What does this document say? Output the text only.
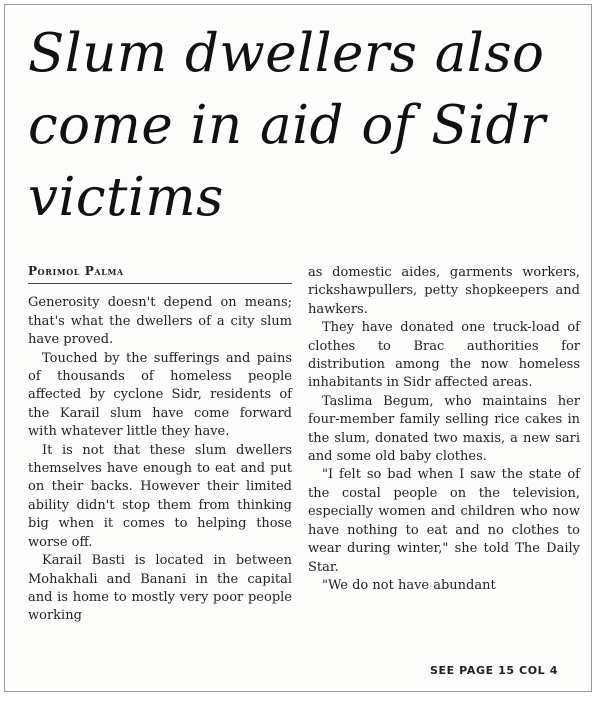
Slum dwellers also come in aid of Sidr victims
Porimol Palma

Generosity doesn't depend on means; that's what the dwellers of a city slum have proved.

Touched by the sufferings and pains of thousands of homeless people affected by cyclone Sidr, residents of the Karail slum have come forward with whatever little they have.

It is not that these slum dwellers themselves have enough to eat and put on their backs. However their limited ability didn't stop them from thinking big when it comes to helping those worse off.

Karail Basti is located in between Mohakhali and Banani in the capital and is home to mostly very poor people working

as domestic aides, garments workers, rickshawpullers, petty shopkeepers and hawkers.

They have donated one truck-load of clothes to Brac authorities for distribution among the now homeless inhabitants in Sidr affected areas.

Taslima Begum, who maintains her four-member family selling rice cakes in the slum, donated two maxis, a new sari and some old baby clothes.

"I felt so bad when I saw the state of the costal people on the television, especially women and children who now have nothing to eat and no clothes to wear during winter," she told The Daily Star.

"We do not have abundant

SEE PAGE 15 COL 4
